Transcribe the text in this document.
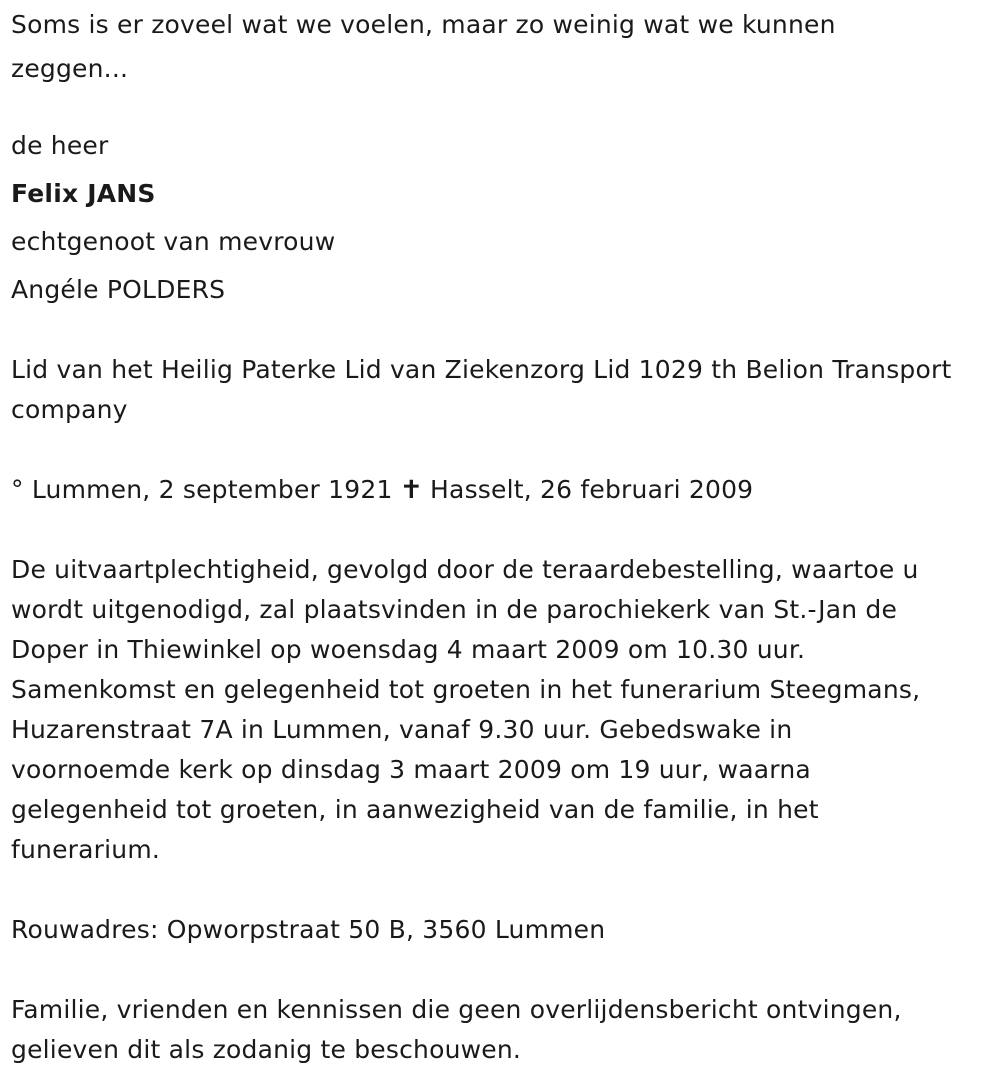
Soms is er zoveel wat we voelen, maar zo weinig wat we kunnen

zeggen...

de heer

Felix JANS

echtgenoot van mevrouw

Angéle POLDERS

Lid van het Heilig Paterke Lid van Ziekenzorg Lid 1029 th Belion Transport

company

° Lummen, 2 september 1921 ✝ Hasselt, 26 februari 2009

De uitvaartplechtigheid, gevolgd door de teraardebestelling, waartoe u
wordt uitgenodigd, zal plaatsvinden in de parochiekerk van St.-Jan de
Doper in Thiewinkel op woensdag 4 maart 2009 om 10.30 uur.
Samenkomst en gelegenheid tot groeten in het funerarium Steegmans,
Huzarenstraat 7A in Lummen, vanaf 9.30 uur. Gebedswake in
voornoemde kerk op dinsdag 3 maart 2009 om 19 uur, waarna
gelegenheid tot groeten, in aanwezigheid van de familie, in het
funerarium.

Rouwadres: Opworpstraat 50 B, 3560 Lummen

Familie, vrienden en kennissen die geen overlijdensbericht ontvingen,

gelieven dit als zodanig te beschouwen.
